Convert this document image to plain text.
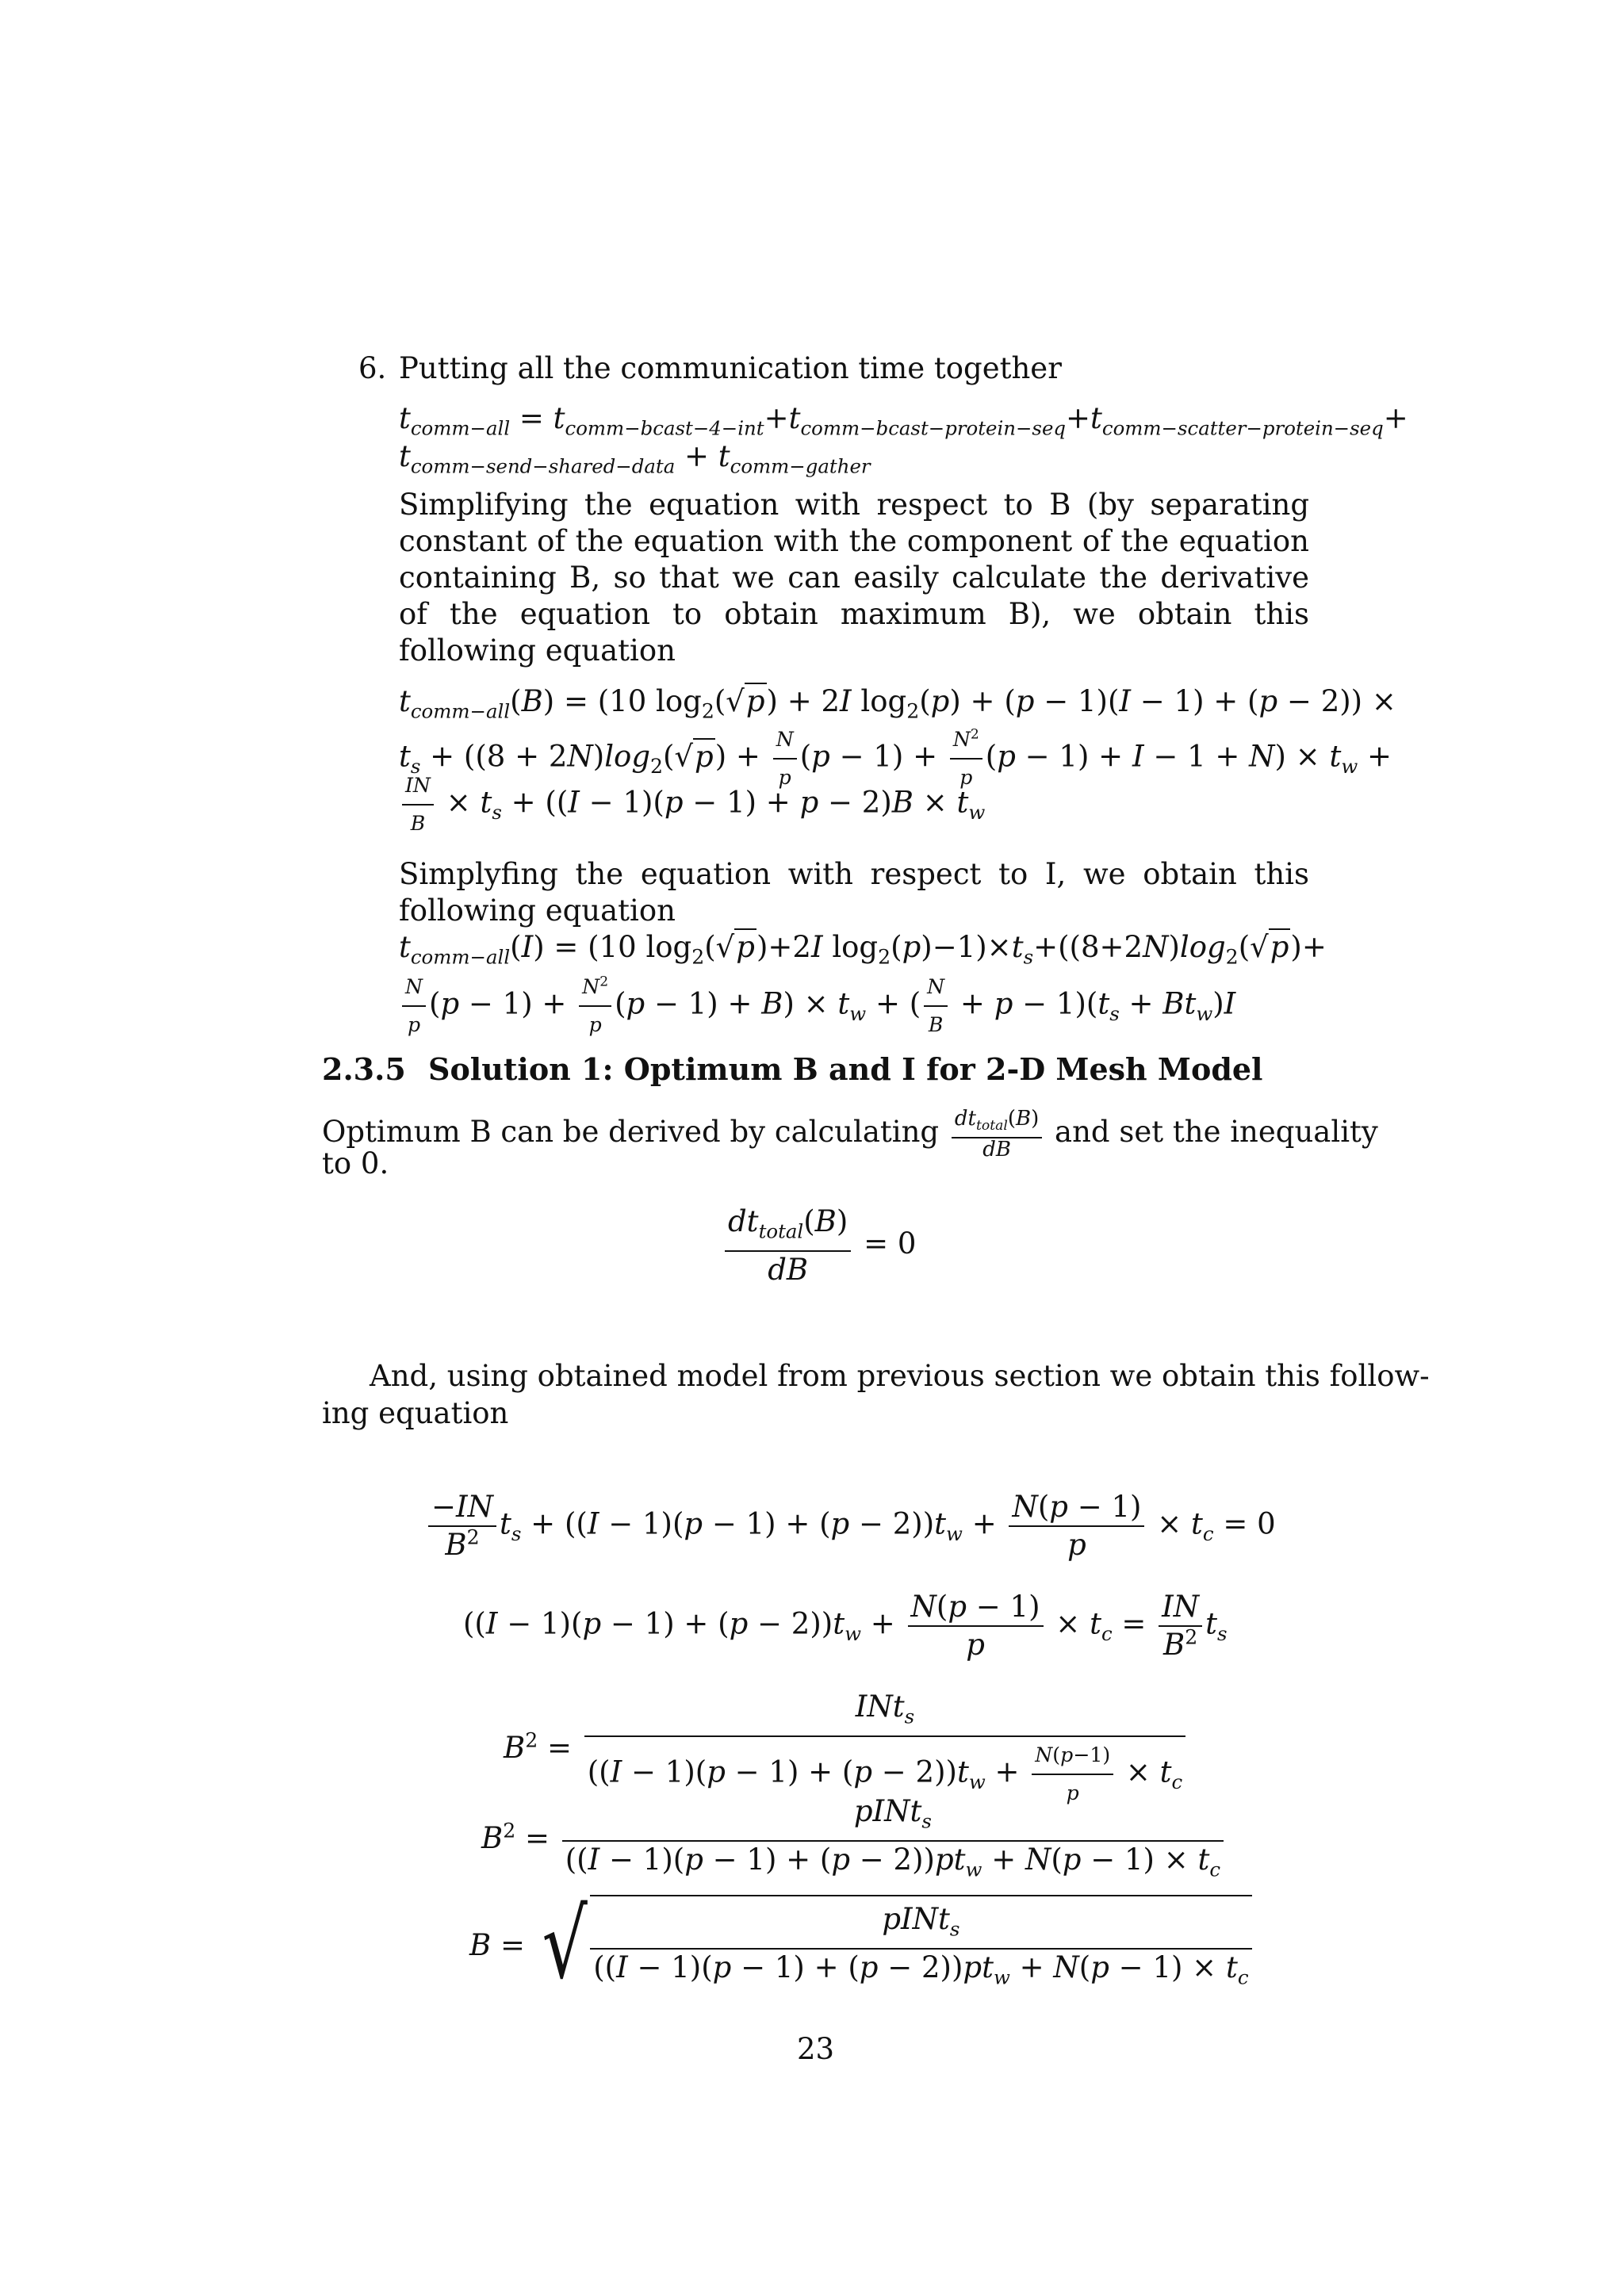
6. Putting all the communication time together
$t_{comm-all} = t_{comm-bcast-4-int}+t_{comm-bcast-protein-seq}+t_{comm-scatter-protein-seq}+$
$t_{comm-send-shared-data} + t_{comm-gather}$
Simplifying the equation with respect to B (by separating constant of the equation with the component of the equation containing B, so that we can easily calculate the derivative of the equation to obtain maximum B), we obtain this following equation
$t_{comm-all}(B) = (10$ $\log_2(√p) + 2I$ $\log_2(p) + (p - 1)(I - 1) + (p - 2)$) ×
$t_s + ((8 + 2N)\log_2(√p) + \frac{N}{p} (p - 1) + \frac{N^2}{p} (p - 1) + I - 1 + N) \times t_w$ +
$\frac{IN}{B} \times t_s + ((I - 1)(p - 1) + p - 2)B \times t_w$
Simplyfing the equation with respect to I, we obtain this following equation
$t_{comm-all}(I) = (10$ $\log_2(√p)+2I$ $\log_2(p)-1)\times t_s+((8+2N)\log_2(√p)+$
$\frac{N}{p} (p - 1) + \frac{N^2}{p} (p - 1) + B) \times t_w$ + ( $\frac{N}{B} + p - 1)(t_s + Bt_w)I$
2.3.5 Solution 1: Optimum B and I for 2-D Mesh Model
Optimum B can be derived by calculating $\frac{dt_{total}(B)}{dB}$ and set the inequality
to 0.
$\frac{dt_{total}(B)}{dB} = 0$
And, using obtained model from previous section we obtain this follow-
ing equation
$\frac{-IN}{B^2} t_s + ((I - 1)(p - 1) + (p - 2))t_w + \frac{N(p - 1)}{p} \times t_c = 0$
$((I - 1)(p - 1) + (p - 2))t_w + \frac{N(p - 1)}{p} \times t_c = \frac{IN}{B^2} t_s$
$B^2 = \frac{INt_s}{((I - 1)(p - 1) + (p - 2))t_w + \frac{N(p-1)}{p} \times t_c}$
$B^2 = \frac{pINt_s}{((I - 1)(p - 1) + (p - 2))pt_w + N(p - 1) \times t_c}$
B = √ $\frac{pINt_s}{((I - 1)(p - 1) + (p - 2))pt_w + N(p - 1) \times t_c}$
23
